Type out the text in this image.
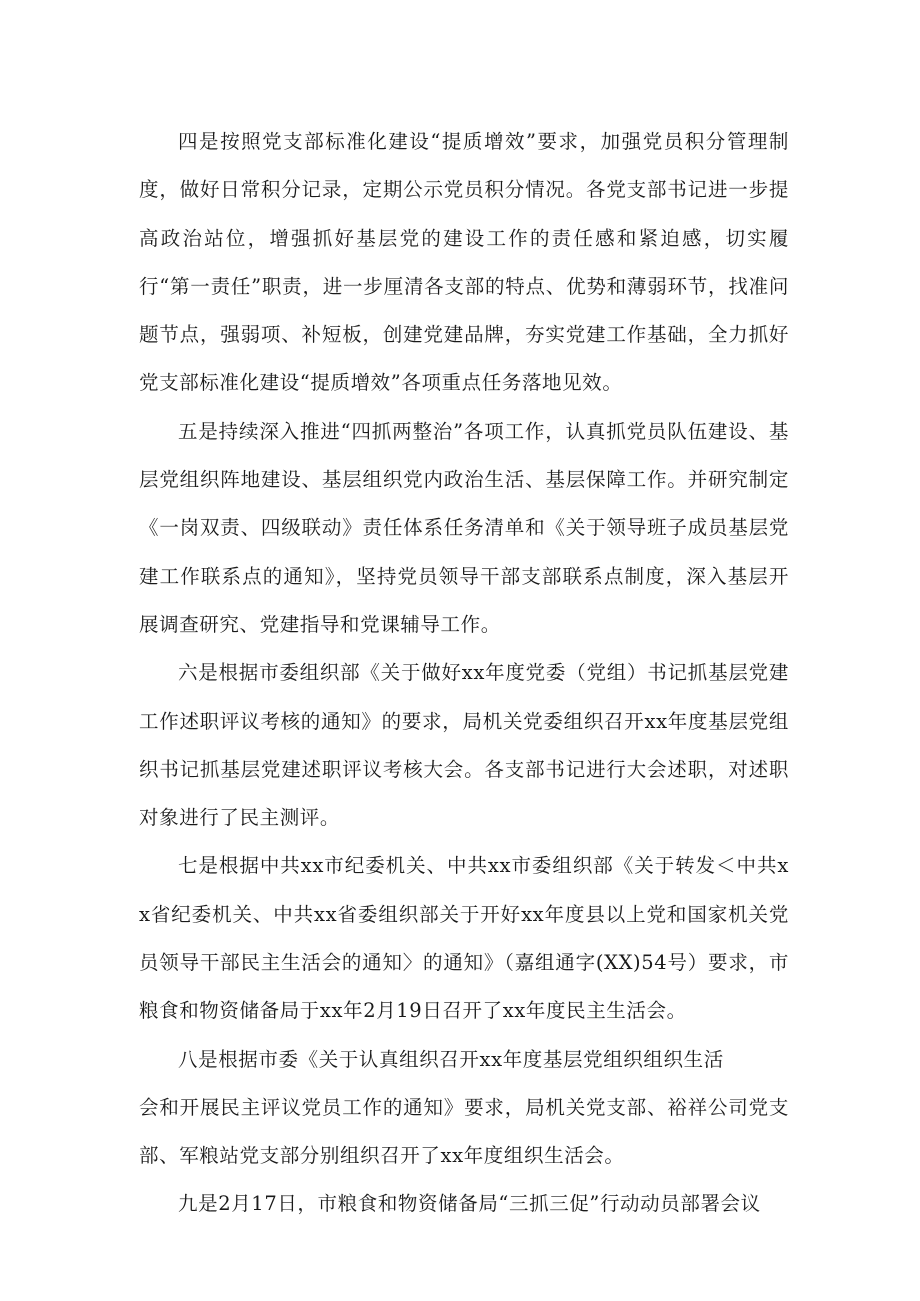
四是按照党支部标准化建设“提质增效”要求，加强党员积分管理制度，做好日常积分记录，定期公示党员积分情况。各党支部书记进一步提高政治站位，增强抓好基层党的建设工作的责任感和紧迫感，切实履行“第一责任”职责，进一步厘清各支部的特点、优势和薄弱环节，找准问题节点，强弱项、补短板，创建党建品牌，夯实党建工作基础，全力抓好党支部标准化建设“提质增效”各项重点任务落地见效。

五是持续深入推进“四抓两整治”各项工作，认真抓党员队伍建设、基层党组织阵地建设、基层组织党内政治生活、基层保障工作。并研究制定《一岗双责、四级联动》责任体系任务清单和《关于领导班子成员基层党建工作联系点的通知》，坚持党员领导干部支部联系点制度，深入基层开展调查研究、党建指导和党课辅导工作。

六是根据市委组织部《关于做好xx年度党委（党组）书记抓基层党建工作述职评议考核的通知》的要求，局机关党委组织召开xx年度基层党组织书记抓基层党建述职评议考核大会。各支部书记进行大会述职，对述职对象进行了民主测评。

七是根据中共xx市纪委机关、中共xx市委组织部《关于转发＜中共xx省纪委机关、中共xx省委组织部关于开好xx年度县以上党和国家机关党员领导干部民主生活会的通知〉的通知》（嘉组通字(XX)54号）要求，市粮食和物资储备局于xx年2月19日召开了xx年度民主生活会。

八是根据市委《关于认真组织召开xx年度基层党组织组织生活

会和开展民主评议党员工作的通知》要求，局机关党支部、裕祥公司党支部、军粮站党支部分别组织召开了xx年度组织生活会。

九是2月17日，市粮食和物资储备局“三抓三促”行动动员部署会议
